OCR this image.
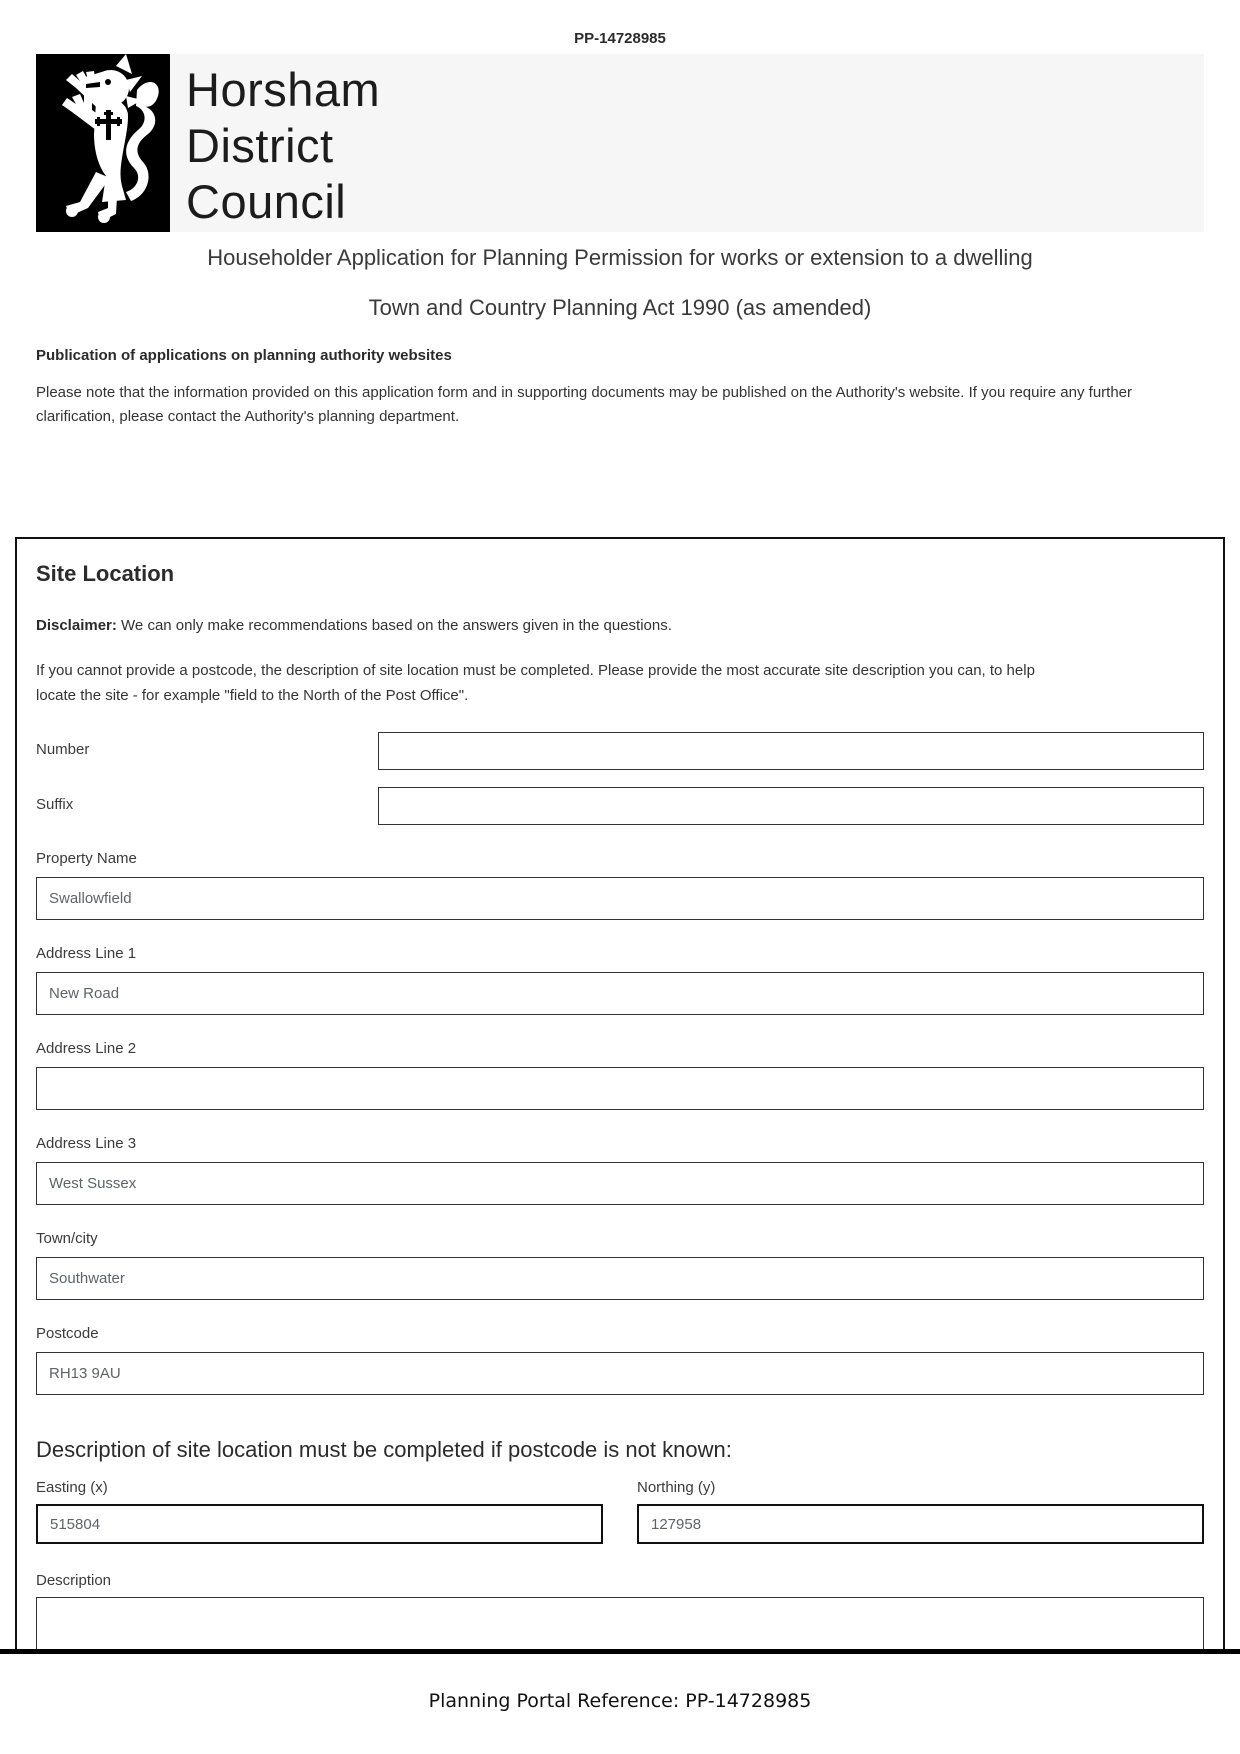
PP-14728985
Horsham
District
Council
Householder Application for Planning Permission for works or extension to a dwelling
Town and Country Planning Act 1990 (as amended)
Publication of applications on planning authority websites
Please note that the information provided on this application form and in supporting documents may be published on the Authority's website. If you require any further clarification, please contact the Authority's planning department.
Site Location
Disclaimer: We can only make recommendations based on the answers given in the questions.
If you cannot provide a postcode, the description of site location must be completed. Please provide the most accurate site description you can, to help locate the site - for example "field to the North of the Post Office".
Number
Suffix
Property Name
Swallowfield
Address Line 1
New Road
Address Line 2
Address Line 3
West Sussex
Town/city
Southwater
Postcode
RH13 9AU
Description of site location must be completed if postcode is not known:
Easting (x)
515804	Northing (y)
127958
Description
Planning Portal Reference: PP-14728985
